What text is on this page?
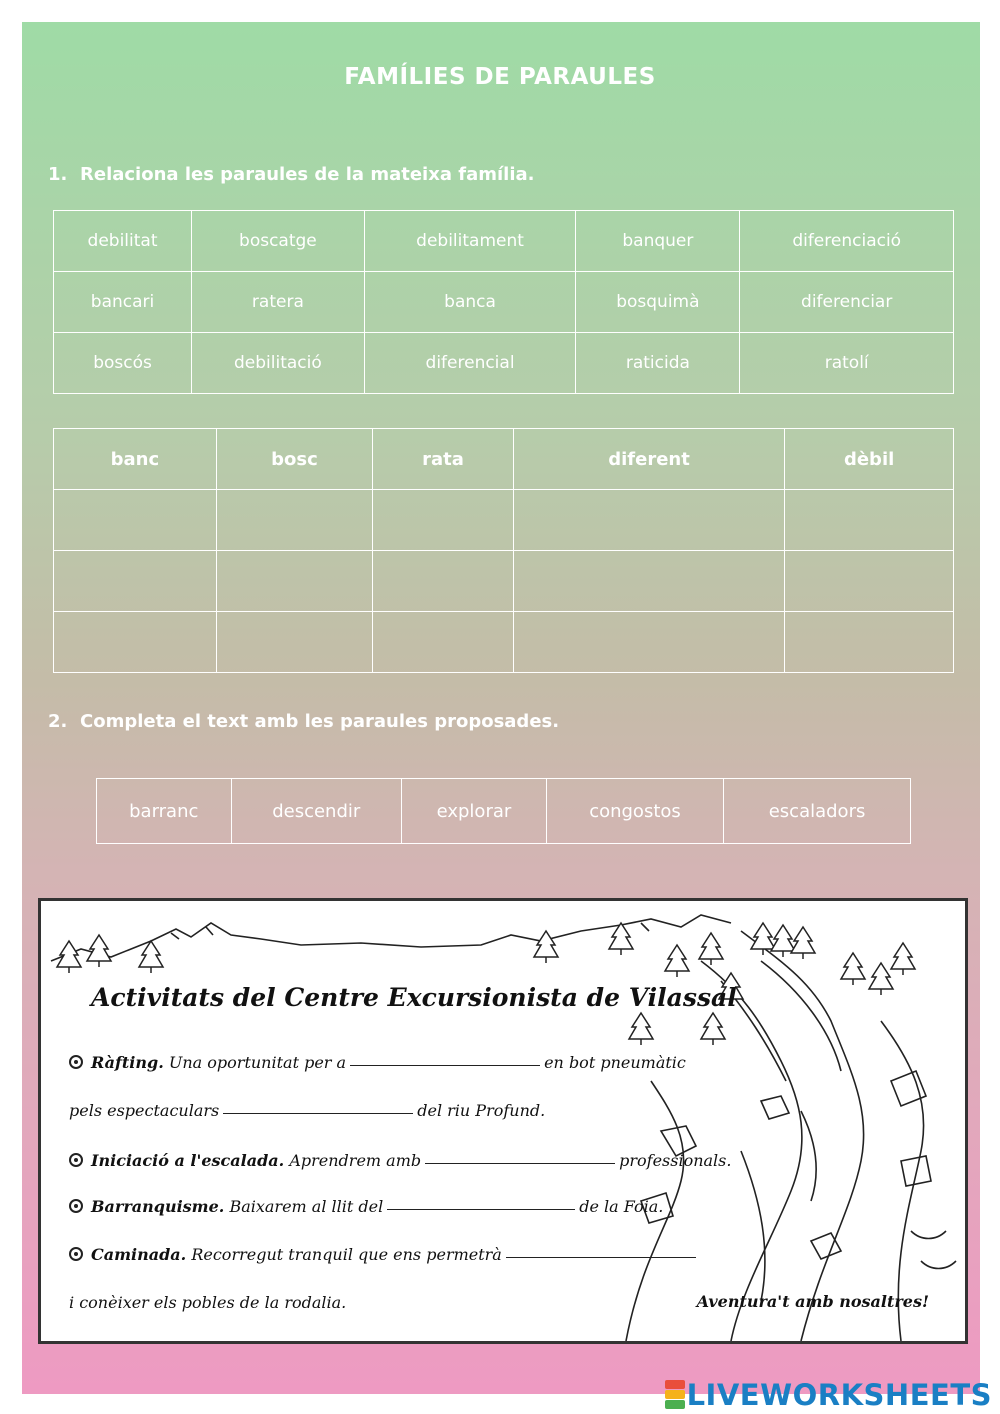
FAMÍLIES DE PARAULES
1. Relaciona les paraules de la mateixa família.
debilitat	boscatge	debilitament	banquer	diferenciació
bancari	ratera	banca	bosquimà	diferenciar
boscós	debilitació	diferencial	raticida	ratolí
banc	bosc	rata	diferent	dèbil

2. Completa el text amb les paraules proposades.
barranc	descendir	explorar	congostos	escaladors
Activitats del Centre Excursionista de Vilassal
Ràfting. Una oportunitat per a	en bot pneumàtic
pels espectaculars	del riu Profund.
Iniciació a l'escalada. Aprendrem amb	professionals.
Barranquisme. Baixarem al llit del	de la Foia.
Caminada. Recorregut tranquil que ens permetrà
i conèixer els pobles de la rodalia.	Aventura't amb nosaltres!
LIVEWORKSHEETS
